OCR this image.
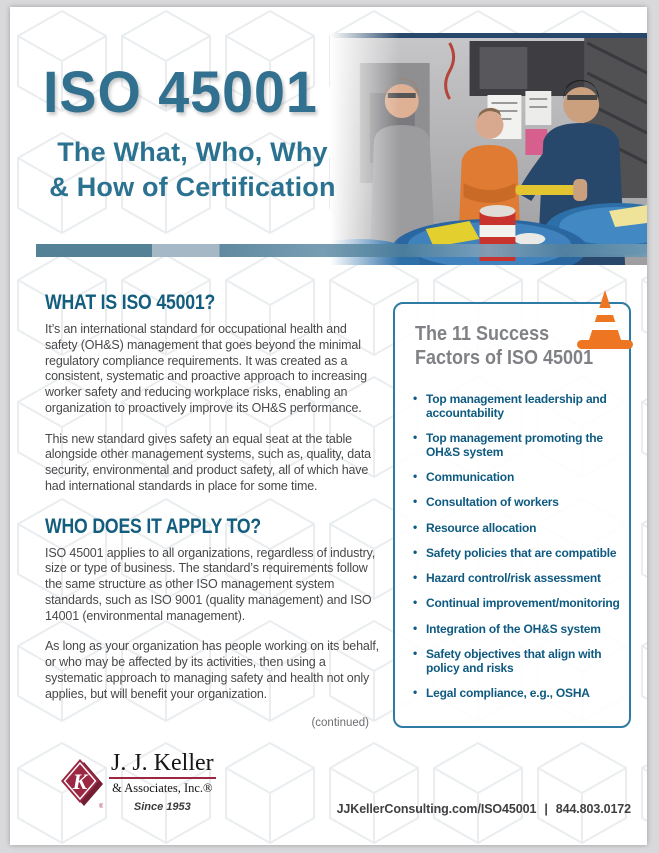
ISO 45001
The What, Who, Why
& How of Certification
WHAT IS ISO 45001?

It’s an international standard for occupational health and safety (OH&S) management that goes beyond the minimal regulatory compliance requirements. It was created as a consistent, systematic and proactive approach to increasing worker safety and reducing workplace risks, enabling an organization to proactively improve its OH&S performance.

This new standard gives safety an equal seat at the table alongside other management systems, such as, quality, data security, environmental and product safety, all of which have had international standards in place for some time.

WHO DOES IT APPLY TO?

ISO 45001 applies to all organizations, regardless of industry, size or type of business. The standard’s requirements follow the same structure as other ISO management system standards, such as ISO 9001 (quality management) and ISO 14001 (environmental management).

As long as your organization has people working on its behalf, or who may be affected by its activities, then using a systematic approach to managing safety and health not only applies, but will benefit your organization.

(continued)
The 11 Success
Factors of ISO 45001
• Top management leadership and accountability
• Top management promoting the OH&S system
• Communication
• Consultation of workers
• Resource allocation
• Safety policies that are compatible
• Hazard control/risk assessment
• Continual improvement/monitoring
• Integration of the OH&S system
• Safety objectives that align with policy and risks
• Legal compliance, e.g., OSHA
K
®
J. J. Keller
& Associates, Inc.®
Since 1953	JJKellerConsulting.com/ISO45001 | 844.803.0172
